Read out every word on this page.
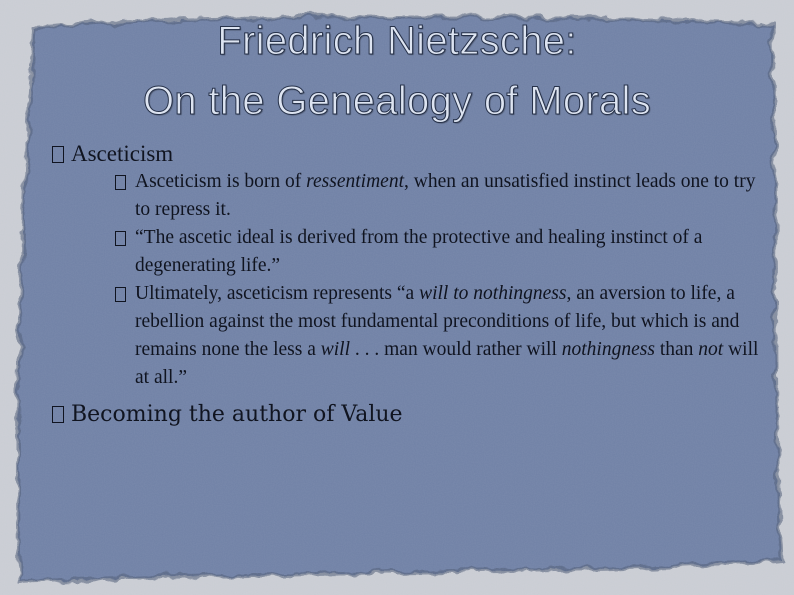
Friedrich Nietzsche:
On the Genealogy of Morals
Asceticism
Asceticism is born of ressentiment, when an unsatisfied instinct leads one to try to repress it.
“The ascetic ideal is derived from the protective and healing instinct of a degenerating life.”
Ultimately, asceticism represents “a will to nothingness, an aversion to life, a rebellion against the most fundamental preconditions of life, but which is and remains none the less a will . . . man would rather will nothingness than not will at all.”
Becoming the author of Value
